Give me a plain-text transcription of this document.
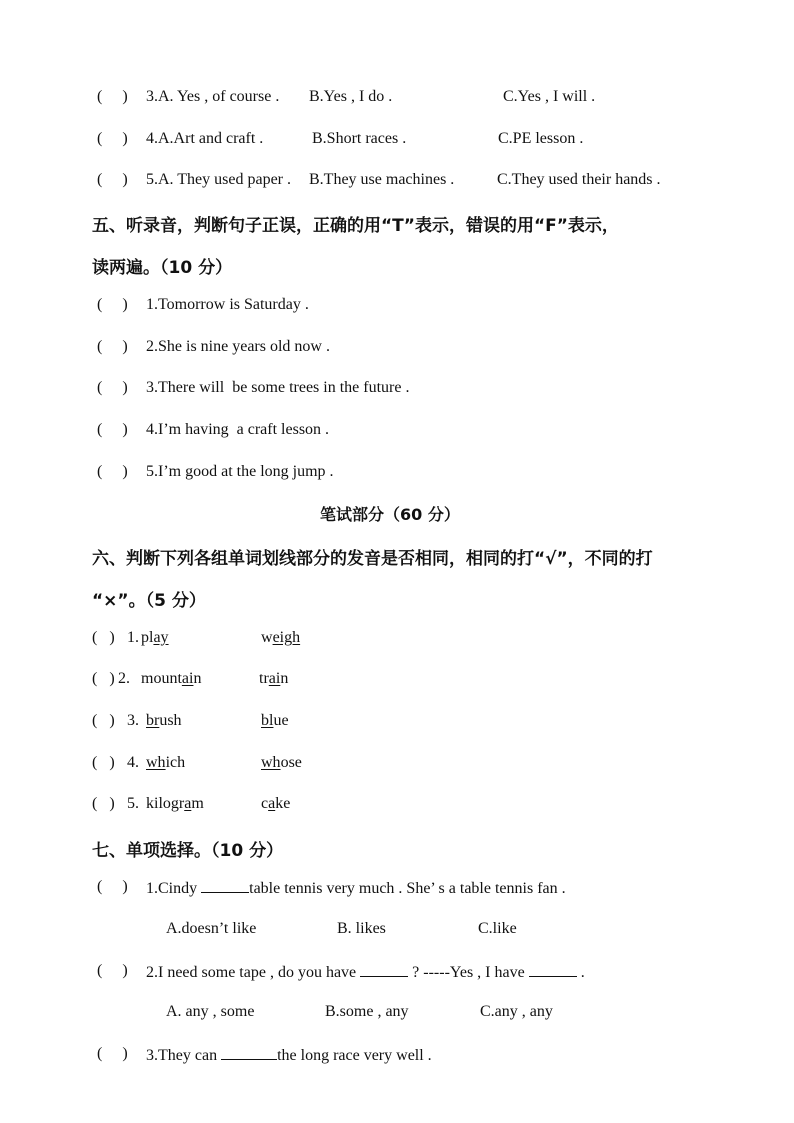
(     ) 3.A. Yes , of course . B.Yes , I do .	C.Yes , I will .
(     ) 4.A.Art and craft .	B.Short races .	C.PE lesson .
(     ) 5.A. They used paper . B.They use machines .	C.They used their hands .
五、听录音，判断句子正误，正确的用“T”表示，错误的用“F”表示，
读两遍。（10 分）
(     ) 1.Tomorrow is Saturday .
(     ) 2.She is nine years old now .
(     ) 3.There will  be some trees in the future .
(     ) 4.I’m having  a craft lesson .
(     ) 5.I’m good at the long jump .
笔试部分（60 分）
六、判断下列各组单词划线部分的发音是否相同，相同的打“√”，不同的打
“×”。（5 分）
(   ) 1. play	weigh
(   ) 2. mountain	train
(   ) 3. brush	blue
(   ) 4. which	whose
(   ) 5. kilogram	cake
七、单项选择。（10 分）
(     ) 1.Cindy	table tennis very much . She’ s a table tennis fan .
A.doesn’t like	B. likes	C.like
(     ) 2.I need some tape , do you have	? -----Yes , I have	.
A. any , some	B.some , any	C.any , any
(     ) 3.They can	the long race very well .
